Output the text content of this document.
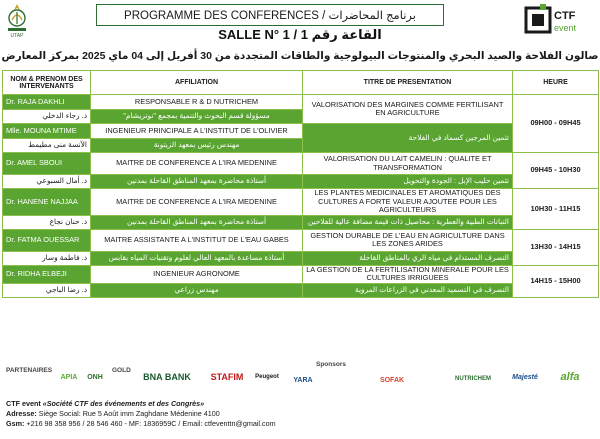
UTAP
PROGRAMME DES CONFERENCES / برنامج المحاضرات
SALLE N° 1 / القاعة رقم 1
CTF
event
صالون الفلاحة والصيد البحري والمنتوجات البيولوجية والطاقات المتجددة من 30 أفريل إلى 04 ماي 2025 بمركز المعارض
NOM & PRENOM DES INTERVENANTS	AFFILIATION	TITRE DE PRESENTATION	HEURE
Dr. RAJA DAKHLI	RESPONSABLE R & D NUTRICHEM	VALORISATION DES MARGINES COMME FERTILISANT EN AGRICULTURE	09H00 - 09H45
د. رجاء الدخلي	مسؤولة قسم البحوث والتنمية بمجمع "نوتريشام"		
Mlle. MOUNA MTIME	INGENIEUR PRINCIPALE A L'INSTITUT DE L'OLIVIER	تثمين المرجين كسماد في الفلاحة	
الآنسة منى مطيمط	مهندس رئيس بمعهد الزيتونة		
Dr. AMEL SBOUI	MAITRE DE CONFERENCE A L'IRA MEDENINE	VALORISATION DU LAIT CAMELIN : QUALITE ET TRANSFORMATION	09H45 - 10H30
د. أمال السبوعي	أستاذة محاضرة بمعهد المناطق القاحلة بمدنين	تثمين حليب الإبل : الجودة والتحويل	
Dr. HANENE NAJJAA	MAITRE DE CONFERENCE A L'IRA MEDENINE	LES PLANTES MEDICINALES ET AROMATIQUES DES CULTURES A FORTE VALEUR AJOUTEE POUR LES AGRICULTEURS	10H30 - 11H15
د. حنان نجاع	أستاذة محاضرة بمعهد المناطق القاحلة بمدنين	النباتات الطبية والعطرية : محاصيل ذات قيمة مضافة عالية للفلاحين	
Dr. FATMA OUESSAR	MAITRE ASSISTANTE A L'INSTITUT DE L'EAU GABES	GESTION DURABLE DE L'EAU EN AGRICULTURE DANS LES ZONES ARIDES	13H30 - 14H15
د. فاطمة وسار	أستاذة مساعدة بالمعهد العالي لعلوم وتقنيات المياه بقابس	التصرف المستدام في مياه الري بالمناطق القاحلة	
Dr. RIDHA ELBEJI	INGENIEUR AGRONOME	LA GESTION DE LA FERTILISATION MINERALE POUR LES CULTURES IRRIGUEES	14H15 - 15H00
د. رضا الباجي	مهندس زراعي	التصرف في التسميد المعدني في الزراعات المروية	
PARTENAIRES
APIA ONH
GOLD
BNA BANK STAFIM Peugeot
Sponsors
YARA	SOFAK	NUTRICHEM	Majesté alfa
CTF event «Société CTF des événements et des Congrès»
Adresse: Siège Social: Rue 5 Août imm Zaghdane Médenine 4100
Gsm: +216 98 358 956 / 28 546 460 - MF: 1836959C / Email: ctfeventtn@gmail.com
